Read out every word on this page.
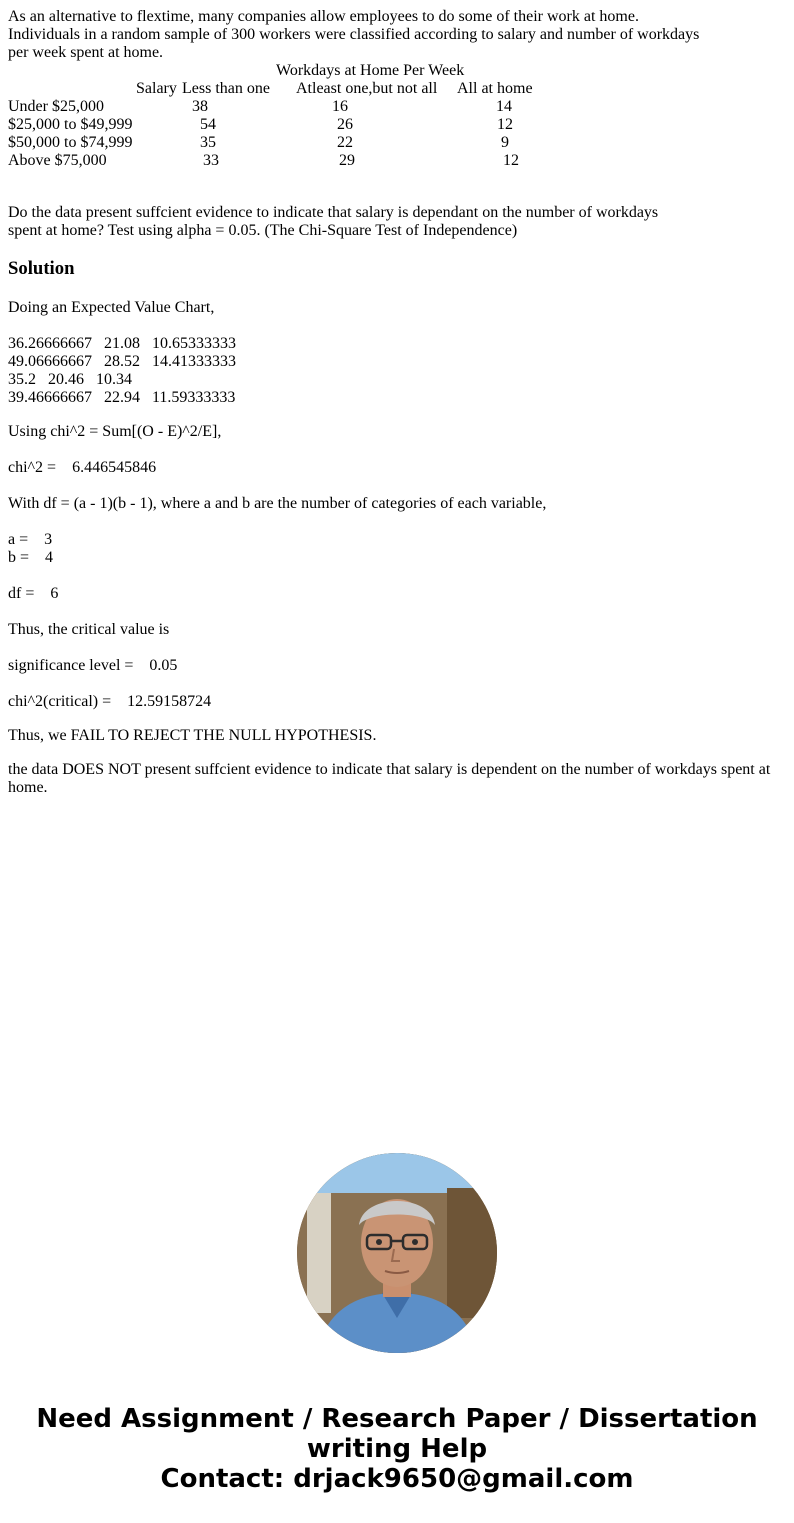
As an alternative to flextime, many companies allow employees to do some of their work at home.
Individuals in a random sample of 300 workers were classified according to salary and number of workdays
per week spent at home.
Workdays at Home Per Week
Salary Less than one Atleast one,but not all All at home
Under $25,000	38	16	14
$25,000 to $49,999	54	26	12
$50,000 to $74,999	35	22	9
Above $75,000	33	29	12
Do the data present suffcient evidence to indicate that salary is dependant on the number of workdays
spent at home? Test using alpha = 0.05. (The Chi-Square Test of Independence)
Solution
Doing an Expected Value Chart,
36.26666667   21.08   10.65333333
49.06666667   28.52   14.41333333
35.2   20.46   10.34
39.46666667   22.94   11.59333333
Using chi^2 = Sum[(O - E)^2/E],
chi^2 =    6.446545846
With df = (a - 1)(b - 1), where a and b are the number of categories of each variable,
a =    3
b =    4
df =    6
Thus, the critical value is
significance level =    0.05
chi^2(critical) =    12.59158724
Thus, we FAIL TO REJECT THE NULL HYPOTHESIS.
the data DOES NOT present suffcient evidence to indicate that salary is dependent on the number of workdays spent at
home.
Need Assignment / Research Paper / Dissertation
writing Help
Contact: drjack9650@gmail.com
